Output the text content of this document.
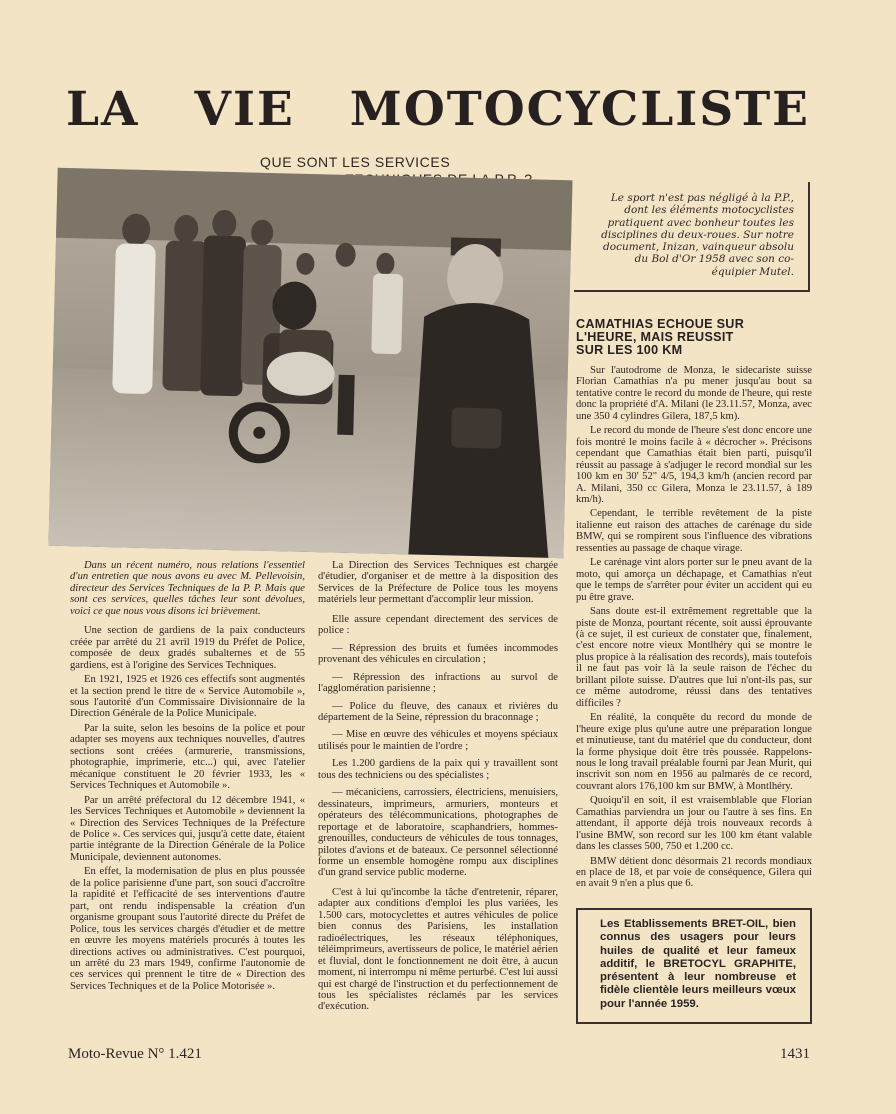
LA VIE MOTOCYCLISTE
QUE SONT LES SERVICES
Le sport n'est pas négligé à la P.P., dont les éléments motocyclistes pratiquent avec bonheur toutes les disciplines du deux-roues. Sur notre document, Inizan, vainqueur absolu du Bol d'Or 1958 avec son co-équipier Mutel.

Dans un récent numéro, nous relations l'essentiel d'un entretien que nous avons eu avec M. Pellevoisin, directeur des Services Techniques de la P. P. Mais que sont ces services, quelles tâches leur sont dévolues, voici ce que nous vous disons ici brièvement.

Une section de gardiens de la paix conducteurs créée par arrêté du 21 avril 1919 du Préfet de Police, composée de deux gradés subalternes et de 55 gardiens, est à l'origine des Services Techniques.

En 1921, 1925 et 1926 ces effectifs sont augmentés et la section prend le titre de « Service Automobile », sous l'autorité d'un Commissaire Divisionnaire de la Direction Générale de la Police Municipale.

Par la suite, selon les besoins de la police et pour adapter ses moyens aux techniques nouvelles, d'autres sections sont créées (armurerie, transmissions, photographie, imprimerie, etc...) qui, avec l'atelier mécanique constituent le 20 février 1933, les « Services Techniques et Automobile ».

Par un arrêté préfectoral du 12 décembre 1941, « les Services Techniques et Automobile » deviennent la « Direction des Services Techniques de la Préfecture de Police ». Ces services qui, jusqu'à cette date, étaient partie intégrante de la Direction Générale de la Police Municipale, deviennent autonomes.

En effet, la modernisation de plus en plus poussée de la police parisienne d'une part, son souci d'accroître la rapidité et l'efficacité de ses interventions d'autre part, ont rendu indispensable la création d'un organisme groupant sous l'autorité directe du Préfet de Police, tous les services chargés d'étudier et de mettre en œuvre les moyens matériels procurés à toutes les directions actives ou administratives. C'est pourquoi, un arrêté du 23 mars 1949, confirme l'autonomie de ces services qui prennent le titre de « Direction des Services Techniques et de la Police Motorisée ».

La Direction des Services Techniques est chargée d'étudier, d'organiser et de mettre à la disposition des Services de la Préfecture de Police tous les moyens matériels leur permettant d'accomplir leur mission.

Elle assure cependant directement des services de police :

— Répression des bruits et fumées incommodes provenant des véhicules en circulation ;

— Répression des infractions au survol de l'agglomération parisienne ;

— Police du fleuve, des canaux et rivières du département de la Seine, répression du braconnage ;

— Mise en œuvre des véhicules et moyens spéciaux utilisés pour le maintien de l'ordre ;

Les 1.200 gardiens de la paix qui y travaillent sont tous des techniciens ou des spécialistes ;

— mécaniciens, carrossiers, électriciens, menuisiers, dessinateurs, imprimeurs, armuriers, monteurs et opérateurs des télécommunications, photographes de reportage et de laboratoire, scaphandriers, hommes-grenouilles, conducteurs de véhicules de tous tonnages, pilotes d'avions et de bateaux. Ce personnel sélectionné forme un ensemble homogène rompu aux disciplines d'un grand service public moderne.

C'est à lui qu'incombe la tâche d'entretenir, réparer, adapter aux conditions d'emploi les plus variées, les 1.500 cars, motocyclettes et autres véhicules de police bien connus des Parisiens, les installation radioélectriques, les réseaux téléphoniques, téléimprimeurs, avertisseurs de police, le matériel aérien et fluvial, dont le fonctionnement ne doit être, à aucun moment, ni interrompu ni même perturbé. C'est lui aussi qui est chargé de l'instruction et du perfectionnement de tous les spécialistes réclamés par les services d'exécution.

CAMATHIAS ECHOUE SUR
L'HEURE, MAIS REUSSIT
SUR LES 100 KM

Sur l'autodrome de Monza, le sidecariste suisse Florian Camathias n'a pu mener jusqu'au bout sa tentative contre le record du monde de l'heure, qui reste donc la propriété d'A. Milani (le 23.11.57, Monza, avec une 350 4 cylindres Gilera, 187,5 km).

Le record du monde de l'heure s'est donc encore une fois montré le moins facile à « décrocher ». Précisons cependant que Camathias était bien parti, puisqu'il réussit au passage à s'adjuger le record mondial sur les 100 km en 30' 52" 4/5, 194,3 km/h (ancien record par A. Milani, 350 cc Gilera, Monza le 23.11.57, à 189 km/h).

Cependant, le terrible revêtement de la piste italienne eut raison des attaches de carénage du side BMW, qui se rompirent sous l'influence des vibrations ressenties au passage de chaque virage.

Le carénage vint alors porter sur le pneu avant de la moto, qui amorça un déchapage, et Camathias n'eut que le temps de s'arrêter pour éviter un accident qui eu pu être grave.

Sans doute est-il extrêmement regrettable que la piste de Monza, pourtant récente, soit aussi éprouvante (à ce sujet, il est curieux de constater que, finalement, c'est encore notre vieux Montlhéry qui se montre le plus propice à la réalisation des records), mais toutefois il ne faut pas voir là la seule raison de l'échec du brillant pilote suisse. D'autres que lui n'ont-ils pas, sur ce même autodrome, réussi dans des tentatives difficiles ?

En réalité, la conquête du record du monde de l'heure exige plus qu'une autre une préparation longue et minutieuse, tant du matériel que du conducteur, dont la forme physique doit être très poussée. Rappelons-nous le long travail préalable fourni par Jean Murit, qui inscrivit son nom en 1956 au palmarès de ce record, couvrant alors 176,100 km sur BMW, à Montlhéry.

Quoiqu'il en soit, il est vraisemblable que Florian Camathias parviendra un jour ou l'autre à ses fins. En attendant, il apporte déjà trois nouveaux records à l'usine BMW, son record sur les 100 km étant valable dans les classes 500, 750 et 1.200 cc.

BMW détient donc désormais 21 records mondiaux en place de 18, et par voie de conséquence, Gilera qui en avait 9 n'en a plus que 6.

Les Etablissements BRET-OIL, bien connus des usagers pour leurs huiles de qualité et leur fameux additif, le BRETOCYL GRAPHITE, présentent à leur nombreuse et fidèle clientèle leurs meilleurs vœux pour l'année 1959.
Moto-Revue N° 1.421	1431
